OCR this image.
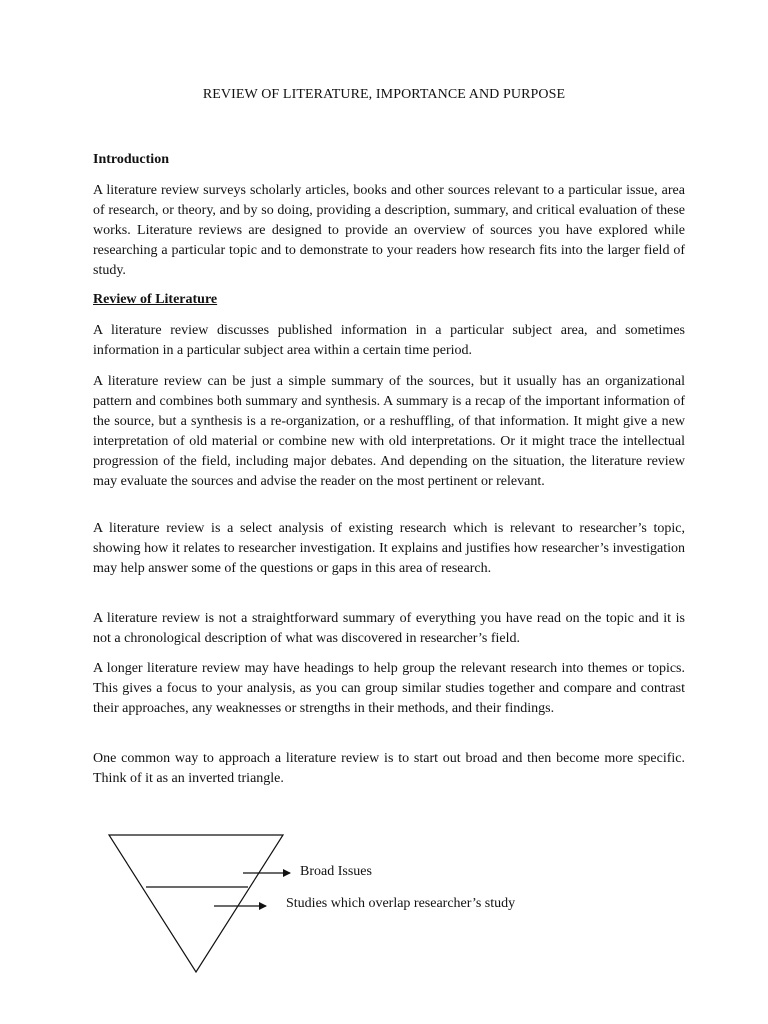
REVIEW OF LITERATURE, IMPORTANCE AND PURPOSE
Introduction

A literature review surveys scholarly articles, books and other sources relevant to a particular issue, area of research, or theory, and by so doing, providing a description, summary, and critical evaluation of these works. Literature reviews are designed to provide an overview of sources you have explored while researching a particular topic and to demonstrate to your readers how research fits into the larger field of study.

Review of Literature

A literature review discusses published information in a particular subject area, and sometimes information in a particular subject area within a certain time period.

A literature review can be just a simple summary of the sources, but it usually has an organizational pattern and combines both summary and synthesis. A summary is a recap of the important information of the source, but a synthesis is a re-organization, or a reshuffling, of that information. It might give a new interpretation of old material or combine new with old interpretations. Or it might trace the intellectual progression of the field, including major debates. And depending on the situation, the literature review may evaluate the sources and advise the reader on the most pertinent or relevant.

A literature review is a select analysis of existing research which is relevant to researcher’s topic, showing how it relates to researcher investigation. It explains and justifies how researcher’s investigation may help answer some of the questions or gaps in this area of research.

A literature review is not a straightforward summary of everything you have read on the topic and it is not a chronological description of what was discovered in researcher’s field.

A longer literature review may have headings to help group the relevant research into themes or topics. This gives a focus to your analysis, as you can group similar studies together and compare and contrast their approaches, any weaknesses or strengths in their methods, and their findings.

One common way to approach a literature review is to start out broad and then become more specific. Think of it as an inverted triangle.

Broad Issues
Studies which overlap researcher’s study
